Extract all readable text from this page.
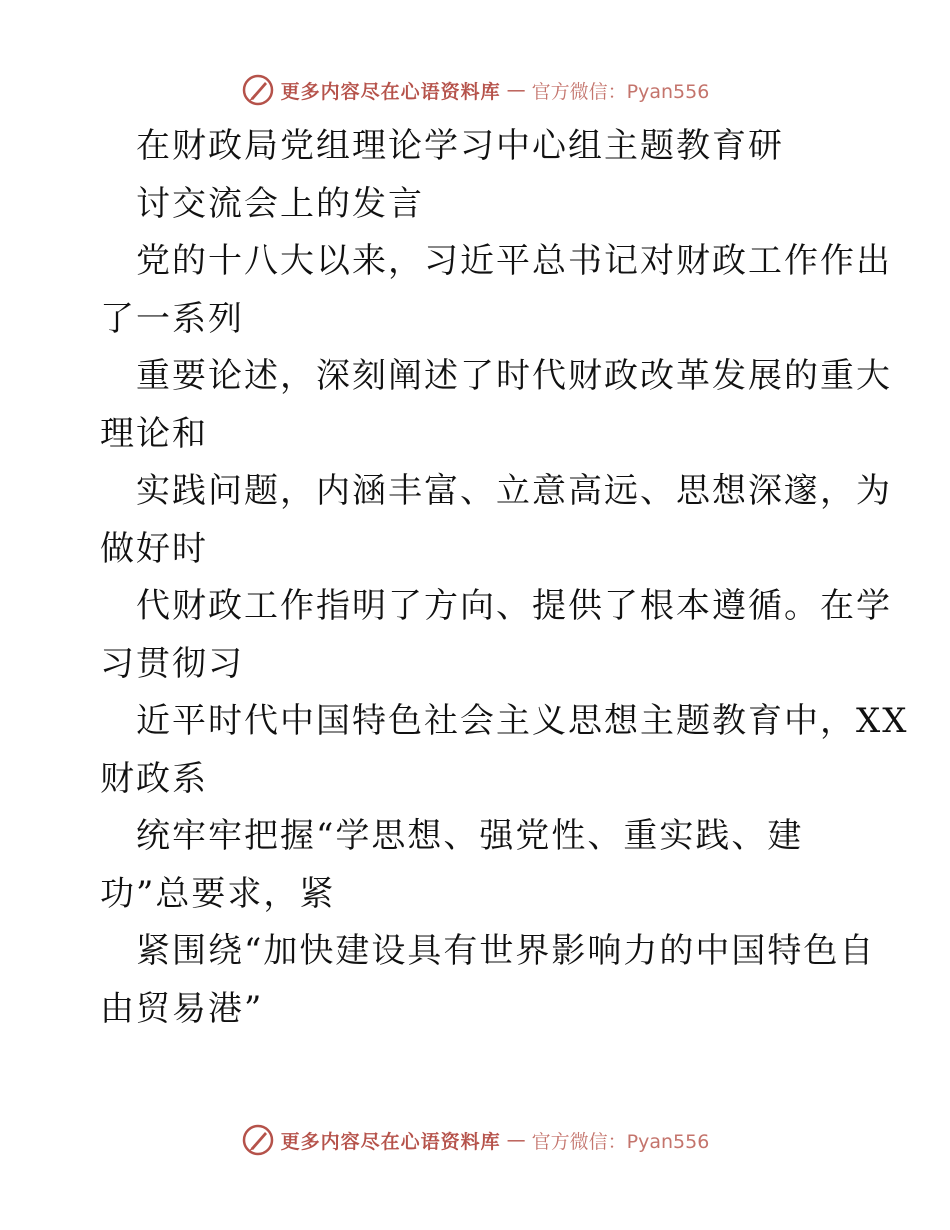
更多内容尽在心语资料库 — 官方微信：Pyan556
在财政局党组理论学习中心组主题教育研
讨交流会上的发言
党的十八大以来，习近平总书记对财政工作作出
了一系列
重要论述，深刻阐述了时代财政改革发展的重大
理论和
实践问题，内涵丰富、立意高远、思想深邃，为
做好时
代财政工作指明了方向、提供了根本遵循。在学
习贯彻习
近平时代中国特色社会主义思想主题教育中，XX
财政系
统牢牢把握“学思想、强党性、重实践、建
功”总要求，紧
紧围绕“加快建设具有世界影响力的中国特色自
由贸易港”
更多内容尽在心语资料库 — 官方微信：Pyan556
